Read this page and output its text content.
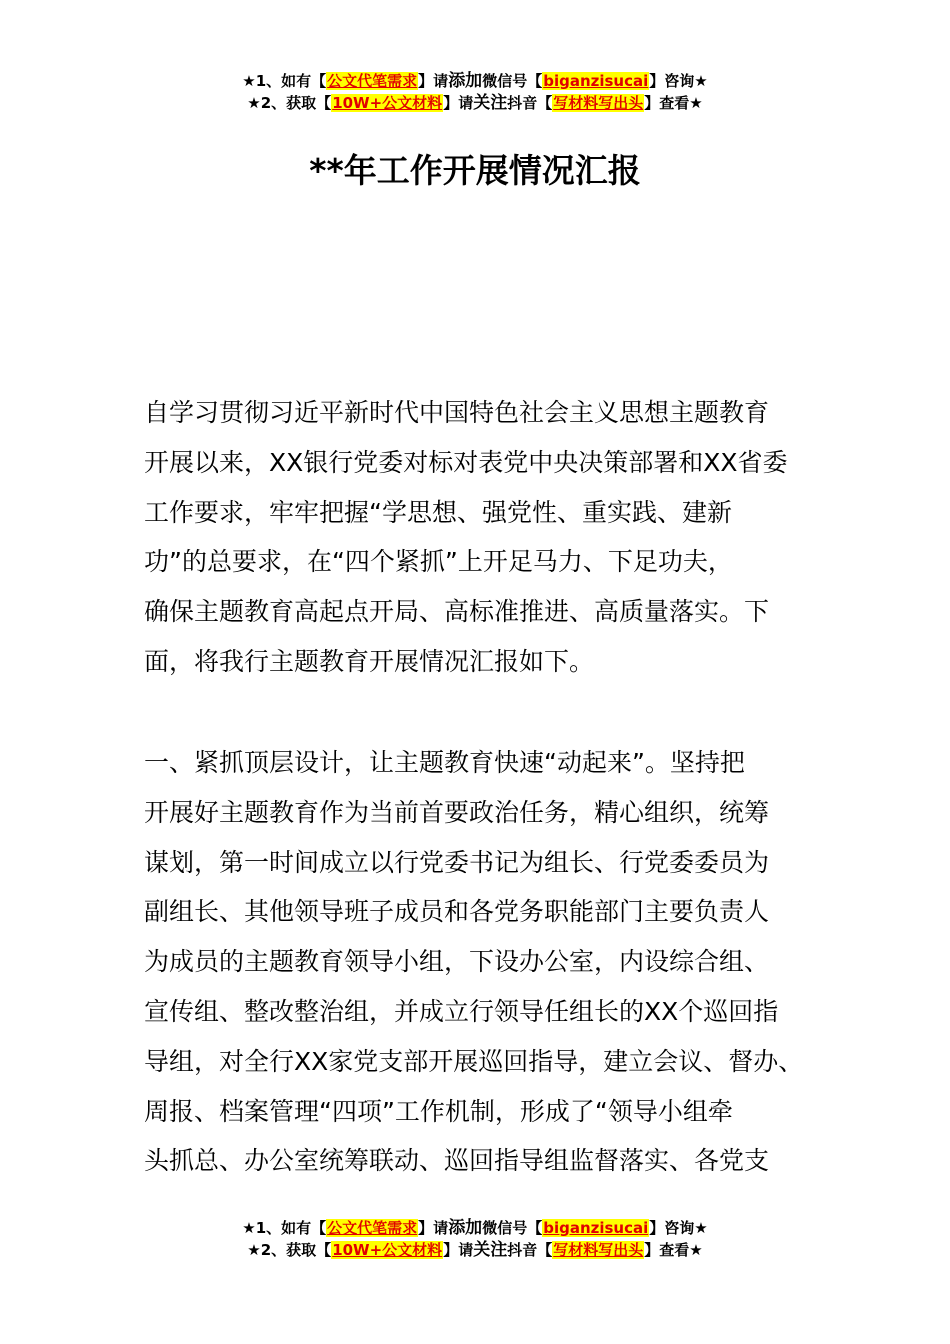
★1、如有【公文代笔需求】请添加微信号【biganzisucai】咨询★
★2、获取【10W+公文材料】请关注抖音【写材料写出头】查看★
**年工作开展情况汇报
自学习贯彻习近平新时代中国特色社会主义思想主题教育
开展以来，XX银行党委对标对表党中央决策部署和XX省委
工作要求，牢牢把握“学思想、强党性、重实践、建新
功”的总要求，在“四个紧抓”上开足马力、下足功夫，
确保主题教育高起点开局、高标准推进、高质量落实。下
面，将我行主题教育开展情况汇报如下。
一、紧抓顶层设计，让主题教育快速“动起来”。坚持把
开展好主题教育作为当前首要政治任务，精心组织，统筹
谋划，第一时间成立以行党委书记为组长、行党委委员为
副组长、其他领导班子成员和各党务职能部门主要负责人
为成员的主题教育领导小组，下设办公室，内设综合组、
宣传组、整改整治组，并成立行领导任组长的XX个巡回指
导组，对全行XX家党支部开展巡回指导，建立会议、督办、
周报、档案管理“四项”工作机制，形成了“领导小组牵
头抓总、办公室统筹联动、巡回指导组监督落实、各党支
★1、如有【公文代笔需求】请添加微信号【biganzisucai】咨询★
★2、获取【10W+公文材料】请关注抖音【写材料写出头】查看★
